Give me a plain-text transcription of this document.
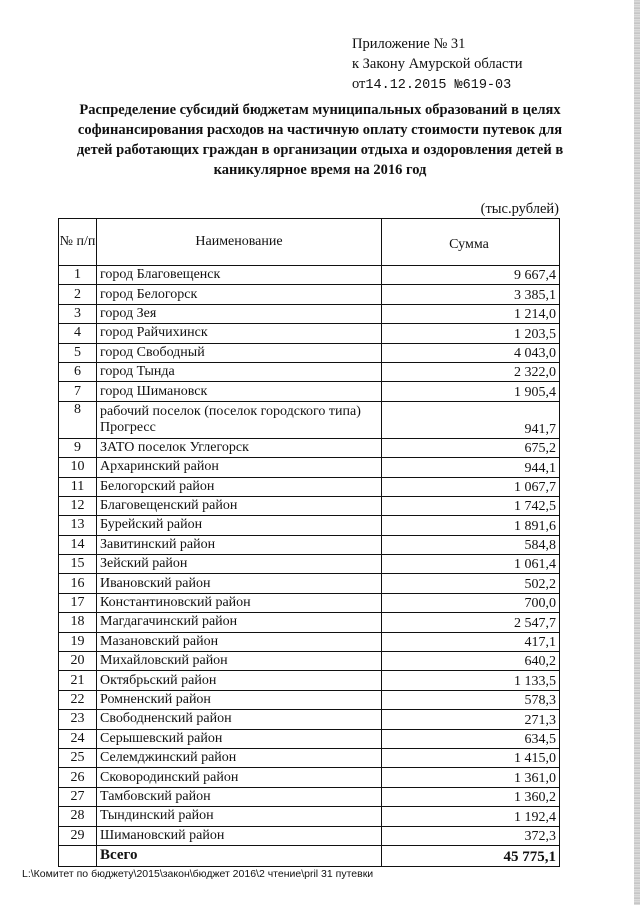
Приложение № 31
к Закону Амурской области
от14.12.2015 №619-03
Распределение субсидий бюджетам муниципальных образований в целях софинансирования расходов на частичную оплату стоимости путевок для детей работающих граждан в организации отдыха и оздоровления детей в каникулярное время на 2016 год
(тыс.рублей)
№ п/п	Наименование	Сумма
1	город Благовещенск	9 667,4
2	город Белогорск	3 385,1
3	город Зея	1 214,0
4	город Райчихинск	1 203,5
5	город Свободный	4 043,0
6	город Тында	2 322,0
7	город Шимановск	1 905,4
8	рабочий поселок (поселок городского типа) Прогресс	941,7
9	ЗАТО поселок Углегорск	675,2
10	Архаринский район	944,1
11	Белогорский район	1 067,7
12	Благовещенский район	1 742,5
13	Бурейский район	1 891,6
14	Завитинский район	584,8
15	Зейский район	1 061,4
16	Ивановский район	502,2
17	Константиновский район	700,0
18	Магдагачинский район	2 547,7
19	Мазановский район	417,1
20	Михайловский район	640,2
21	Октябрьский район	1 133,5
22	Ромненский район	578,3
23	Свободненский район	271,3
24	Серышевский район	634,5
25	Селемджинский район	1 415,0
26	Сковородинский район	1 361,0
27	Тамбовский район	1 360,2
28	Тындинский район	1 192,4
29	Шимановский район	372,3
	Всего	45 775,1
L:\Комитет по бюджету\2015\закон\бюджет 2016\2 чтение\pril 31 путевки
